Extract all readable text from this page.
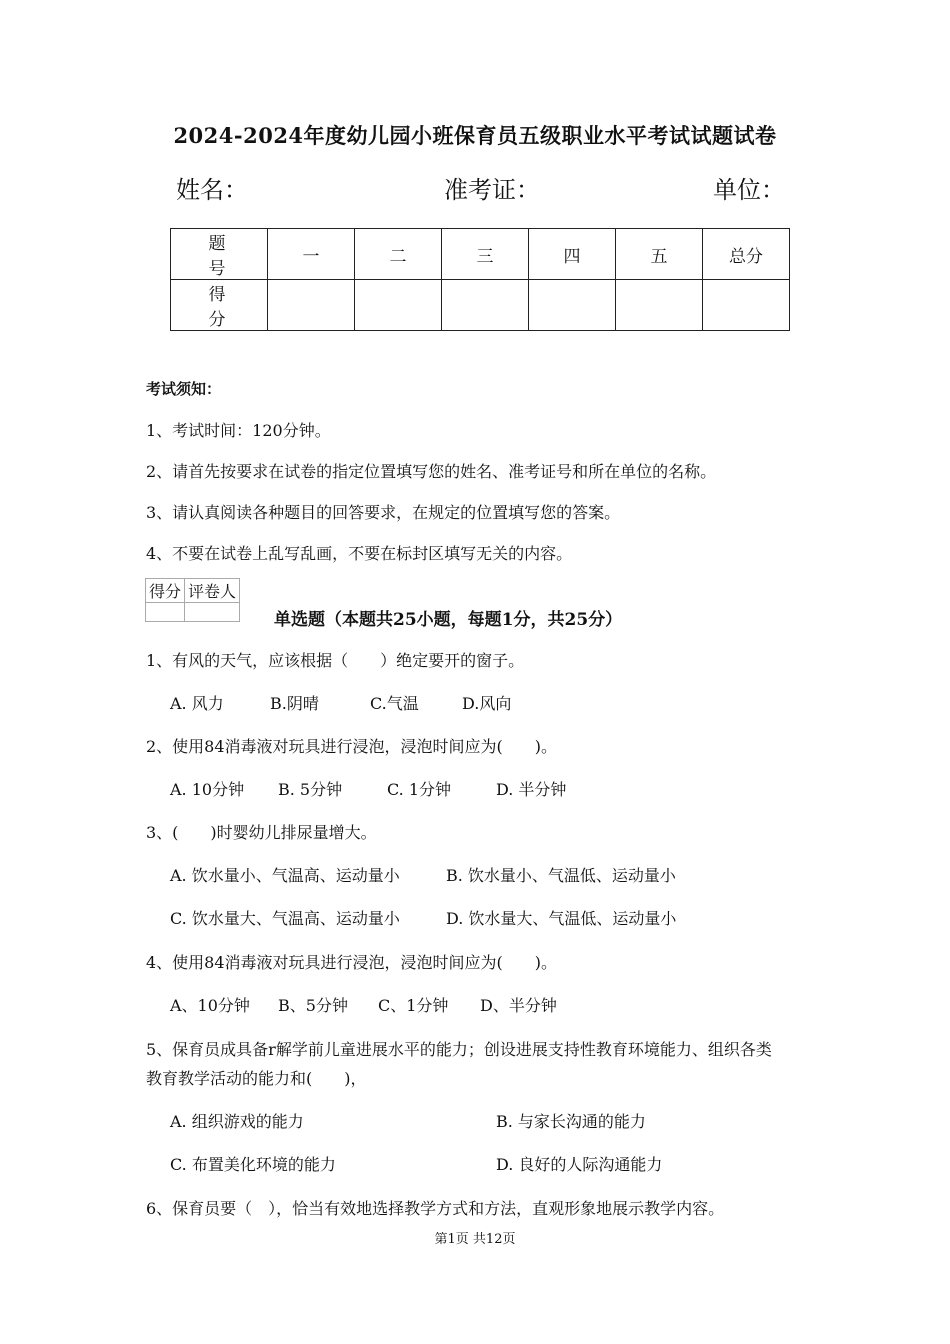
2024-2024年度幼儿园小班保育员五级职业水平考试试题试卷
姓名：	准考证：	单位：
题　号	一	二	三	四	五	总分
得　分						
考试须知：
1、考试时间：120分钟。
2、请首先按要求在试卷的指定位置填写您的姓名、准考证号和所在单位的名称。
3、请认真阅读各种题目的回答要求，在规定的位置填写您的答案。
4、不要在试卷上乱写乱画，不要在标封区填写无关的内容。
得分	评卷人

单选题（本题共25小题，每题1分，共25分）
1、有风的天气，应该根据（　　）绝定要开的窗子。
A. 风力	B.阴晴	C.气温	D.风向
2、使用84消毒液对玩具进行浸泡，浸泡时间应为(　　)。
A. 10分钟 B. 5分钟	C. 1分钟	D. 半分钟
3、(　　)时婴幼儿排尿量增大。
A. 饮水量小、气温高、运动量小	B. 饮水量小、气温低、运动量小
C. 饮水量大、气温高、运动量小	D. 饮水量大、气温低、运动量小
4、使用84消毒液对玩具进行浸泡，浸泡时间应为(　　)。
A、10分钟 B、5分钟 C、1分钟 D、半分钟
5、保育员成具备r解学前儿童进展水平的能力；创设进展支持性教育环境能力、组织各类
教育教学活动的能力和(　　)，
A. 组织游戏的能力	B. 与家长沟通的能力
C. 布置美化环境的能力	D. 良好的人际沟通能力
6、保育员要（　），恰当有效地选择教学方式和方法，直观形象地展示教学内容。
第1页 共12页
